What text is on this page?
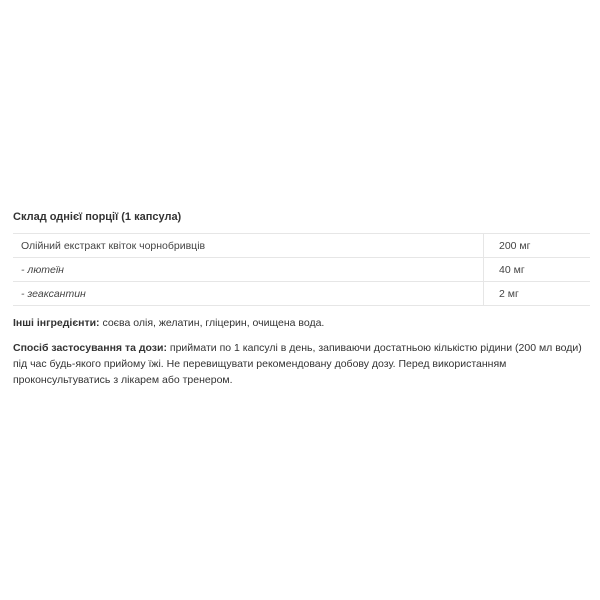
Склад однієї порції (1 капсула)
Олійний екстракт квіток чорнобривців	200 мг
- лютеїн	40 мг
- зеаксантин	2 мг

Інші інгредієнти: соєва олія, желатин, гліцерин, очищена вода.

Спосіб застосування та дози: приймати по 1 капсулі в день, запиваючи достатньою кількістю рідини (200 мл води) під час будь-якого прийому їжі. Не перевищувати рекомендовану добову дозу. Перед використанням проконсультуватись з лікарем або тренером.
